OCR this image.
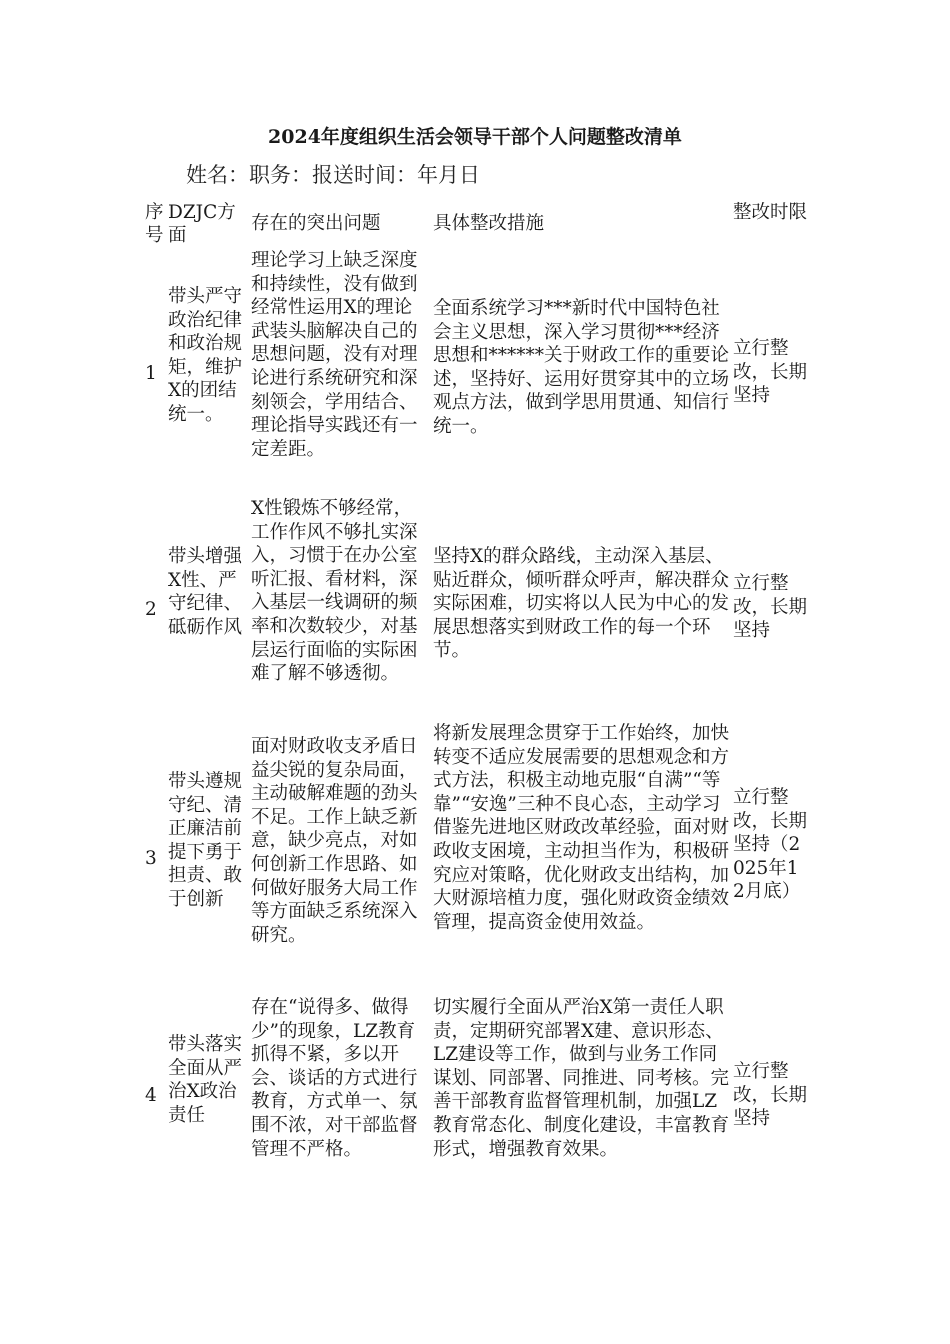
2024年度组织生活会领导干部个人问题整改清单
姓名：职务：报送时间：年月日
序号
DZJC方面
存在的突出问题	具体整改措施
整改时限
1
带头严守政治纪律和政治规矩，维护X的团结统一。
理论学习上缺乏深度和持续性，没有做到经常性运用X的理论武装头脑解决自己的思想问题，没有对理论进行系统研究和深刻领会，学用结合、理论指导实践还有一定差距。
全面系统学习***新时代中国特色社会主义思想，深入学习贯彻***经济思想和******关于财政工作的重要论述，坚持好、运用好贯穿其中的立场观点方法，做到学思用贯通、知信行统一。
立行整改，长期坚持
2
带头增强X性、严守纪律、砥砺作风
X性锻炼不够经常，工作作风不够扎实深入，习惯于在办公室听汇报、看材料，深入基层一线调研的频率和次数较少，对基层运行面临的实际困难了解不够透彻。
坚持X的群众路线，主动深入基层、贴近群众，倾听群众呼声，解决群众实际困难，切实将以人民为中心的发展思想落实到财政工作的每一个环节。
立行整改，长期坚持
3
带头遵规守纪、清正廉洁前提下勇于担责、敢于创新
面对财政收支矛盾日益尖锐的复杂局面，主动破解难题的劲头不足。工作上缺乏新意，缺少亮点，对如何创新工作思路、如何做好服务大局工作等方面缺乏系统深入研究。
将新发展理念贯穿于工作始终，加快转变不适应发展需要的思想观念和方式方法，积极主动地克服“自满”“等靠”“安逸”三种不良心态，主动学习借鉴先进地区财政改革经验，面对财政收支困境，主动担当作为，积极研究应对策略，优化财政支出结构，加大财源培植力度，强化财政资金绩效管理，提高资金使用效益。
立行整改，长期坚持（2025年12月底）
4
带头落实全面从严治X政治责任
存在“说得多、做得少”的现象，LZ教育抓得不紧，多以开会、谈话的方式进行教育，方式单一、氛围不浓，对干部监督管理不严格。
切实履行全面从严治X第一责任人职责，定期研究部署X建、意识形态、LZ建设等工作，做到与业务工作同谋划、同部署、同推进、同考核。完善干部教育监督管理机制，加强LZ教育常态化、制度化建设，丰富教育形式，增强教育效果。
立行整改，长期坚持
